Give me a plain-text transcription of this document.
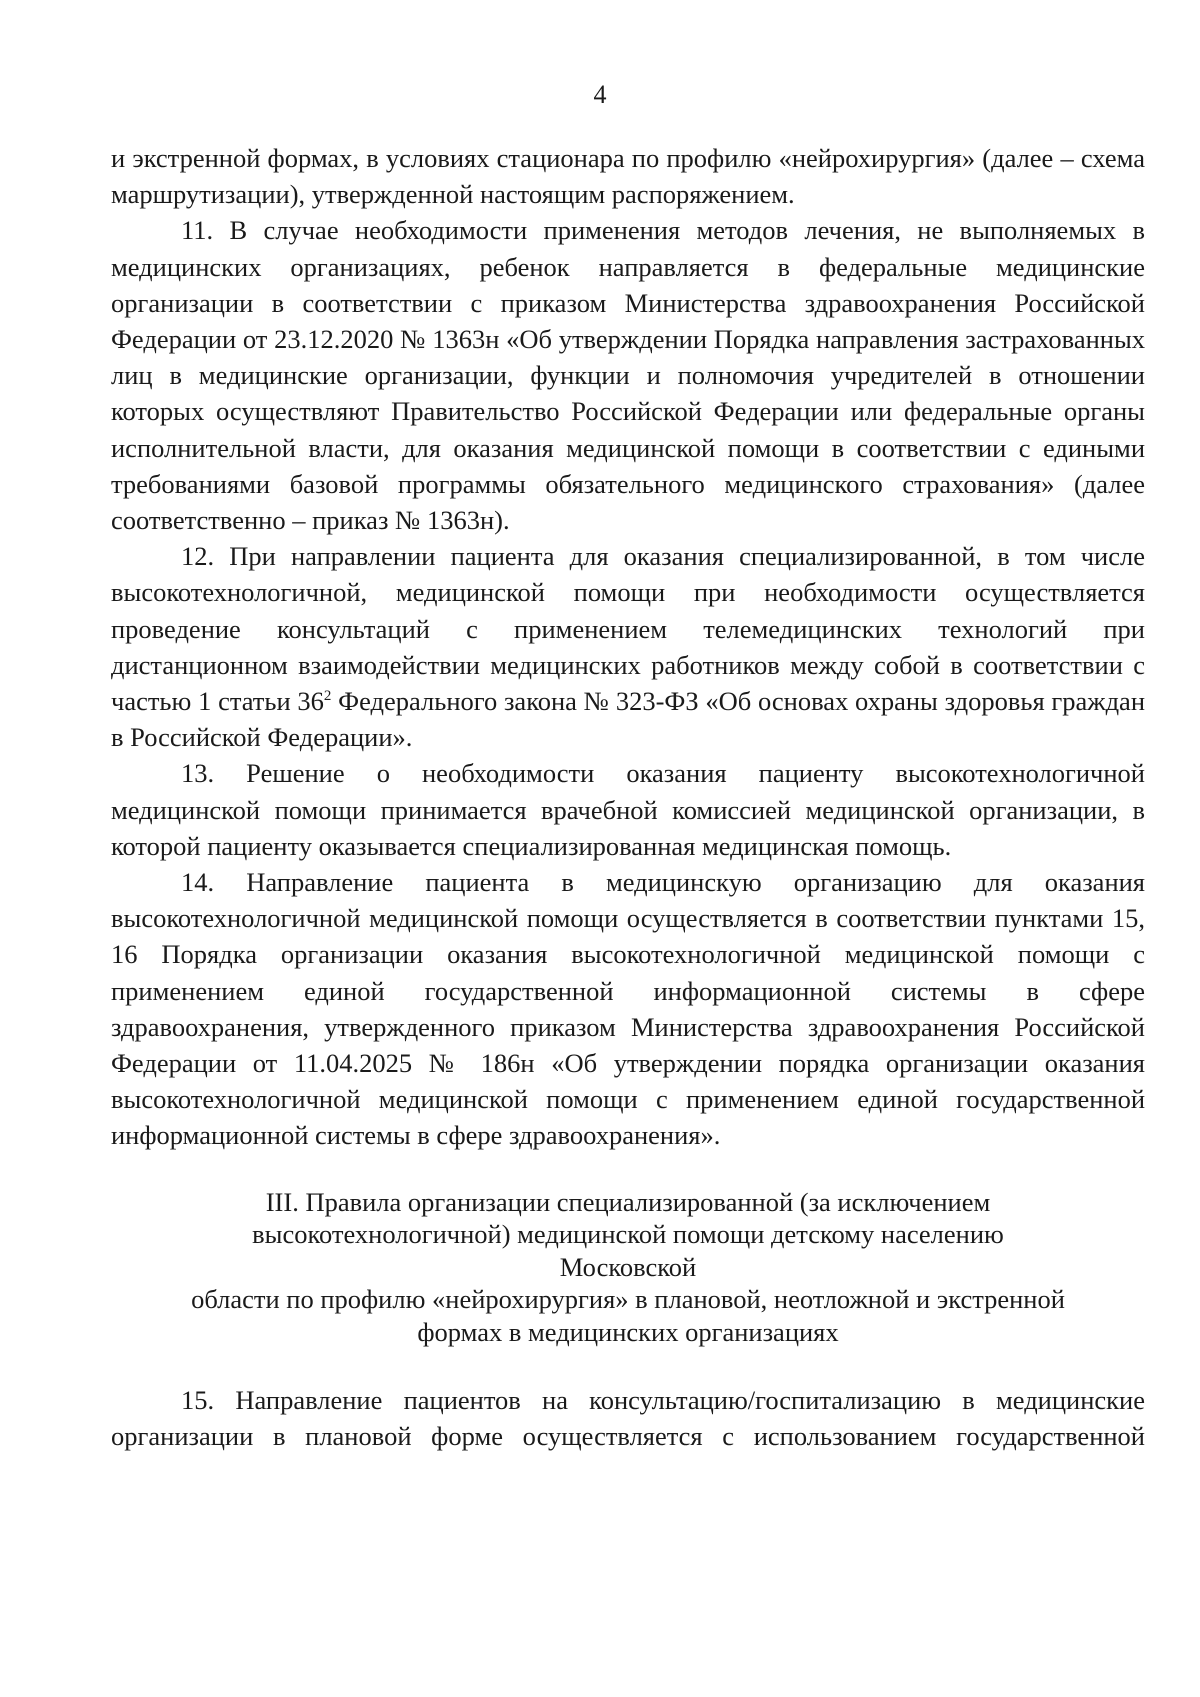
4

и экстренной формах, в условиях стационара по профилю «нейрохирургия» (далее – схема маршрутизации), утвержденной настоящим распоряжением.

11. В случае необходимости применения методов лечения, не выполняемых в медицинских организациях, ребенок направляется в федеральные медицинские организации в соответствии с приказом Министерства здравоохранения Российской Федерации от 23.12.2020 № 1363н «Об утверждении Порядка направления застрахованных лиц в медицинские организации, функции и полномочия учредителей в отношении которых осуществляют Правительство Российской Федерации или федеральные органы исполнительной власти, для оказания медицинской помощи в соответствии с едиными требованиями базовой программы обязательного медицинского страхования» (далее соответственно – приказ № 1363н).

12. При направлении пациента для оказания специализированной, в том числе высокотехнологичной, медицинской помощи при необходимости осуществляется проведение консультаций с применением телемедицинских технологий при дистанционном взаимодействии медицинских работников между собой в соответствии с частью 1 статьи $36^2$ Федерального закона № 323-ФЗ «Об основах охраны здоровья граждан в Российской Федерации».

13. Решение о необходимости оказания пациенту высокотехнологичной медицинской помощи принимается врачебной комиссией медицинской организации, в которой пациенту оказывается специализированная медицинская помощь.

14. Направление пациента в медицинскую организацию для оказания высокотехнологичной медицинской помощи осуществляется в соответствии пунктами 15, 16 Порядка организации оказания высокотехнологичной медицинской помощи с применением единой государственной информационной системы в сфере здравоохранения, утвержденного приказом Министерства здравоохранения Российской Федерации от 11.04.2025 № 186н «Об утверждении порядка организации оказания высокотехнологичной медицинской помощи с применением единой государственной информационной системы в сфере здравоохранения».

III. Правила организации специализированной (за исключением
высокотехнологичной) медицинской помощи детскому населению Московской
области по профилю «нейрохирургия» в плановой, неотложной и экстренной
формах в медицинских организациях

15. Направление пациентов на консультацию/госпитализацию в медицинские организации в плановой форме осуществляется с использованием государственной
